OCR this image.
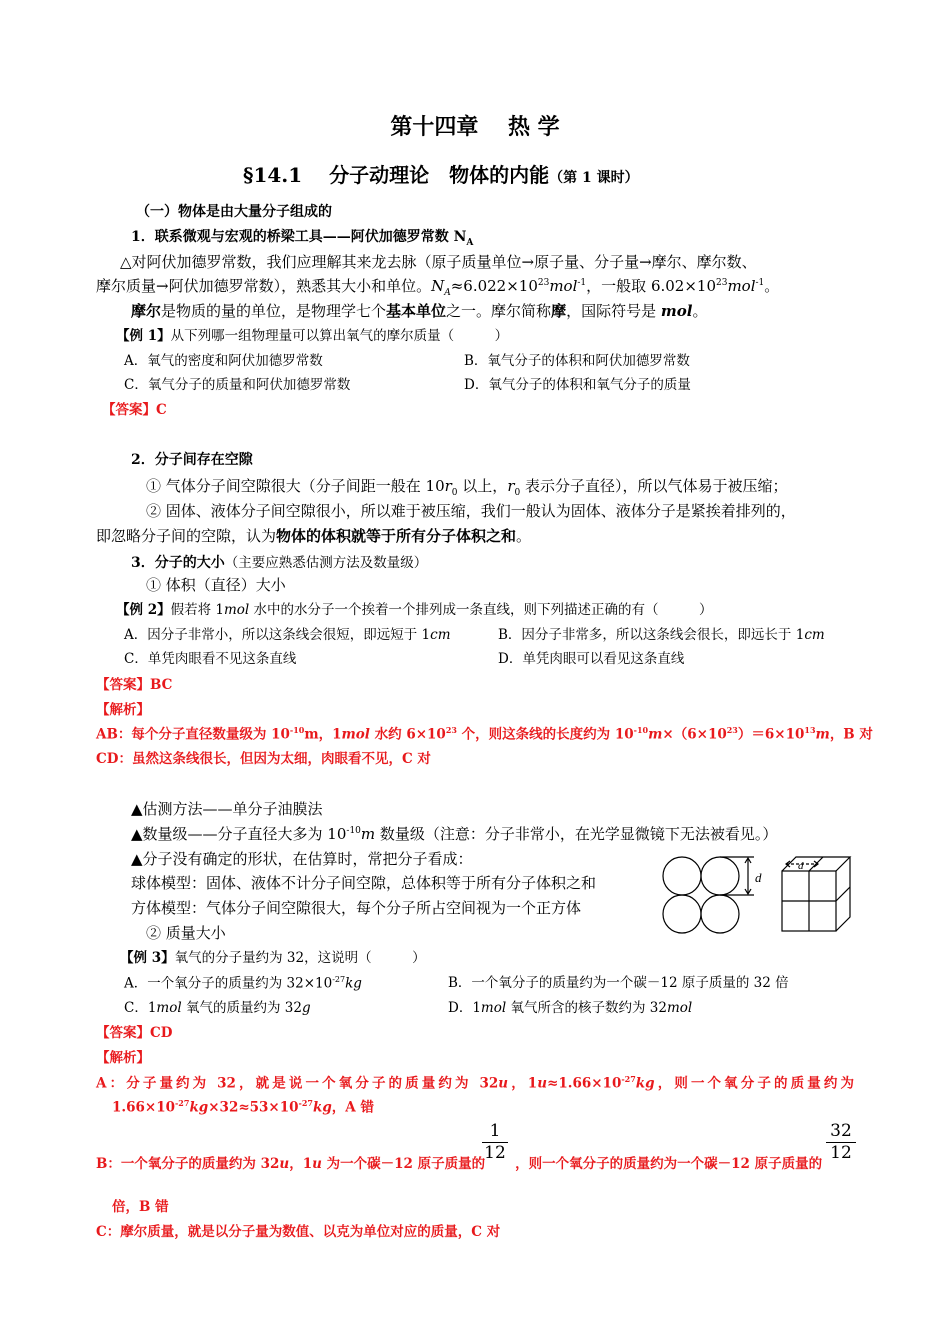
第十四章　 热 学
§14.1　 分子动理论　物体的内能（第 1 课时）
（一）物体是由大量分子组成的
1．联系微观与宏观的桥梁工具——阿伏加德罗常数 $N_A$
△对阿伏加德罗常数，我们应理解其来龙去脉（原子质量单位→原子量、分子量→摩尔、摩尔数、
摩尔质量→阿伏加德罗常数），熟悉其大小和单位。$N_A\approx 6.022\times 10^{23}mol^{-1}$，一般取 $6.02\times 10^{23}mol^{-1}$。
摩尔是物质的量的单位，是物理学七个基本单位之一。摩尔简称摩，国际符号是 mol。
【例 1】从下列哪一组物理量可以算出氧气的摩尔质量（　　　）
A．氧气的密度和阿伏加德罗常数	B．氧气分子的体积和阿伏加德罗常数
C．氧气分子的质量和阿伏加德罗常数	D．氧气分子的体积和氧气分子的质量
【答案】C
2．分子间存在空隙
① 气体分子间空隙很大（分子间距一般在 $10r_0$ 以上，$r_0$ 表示分子直径），所以气体易于被压缩；
② 固体、液体分子间空隙很小，所以难于被压缩，我们一般认为固体、液体分子是紧挨着排列的，
即忽略分子间的空隙，认为物体的体积就等于所有分子体积之和。
3．分子的大小（主要应熟悉估测方法及数量级）
① 体积（直径）大小
【例 2】假若将 1mol 水中的水分子一个挨着一个排列成一条直线，则下列描述正确的有（　　　）
A．因分子非常小，所以这条线会很短，即远短于 1cm	B．因分子非常多，所以这条线会很长，即远长于 1cm
C．单凭肉眼看不见这条直线	D．单凭肉眼可以看见这条直线
【答案】BC
【解析】
AB：每个分子直径数量级为 $10^{-10}m$，1mol 水约 $6\times 10^{23}$ 个，则这条线的长度约为 $10^{-10}m\times(6\times 10^{23})=6\times 10^{13}m$，B 对
CD：虽然这条线很长，但因为太细，肉眼看不见，C 对
▲估测方法——单分子油膜法
▲数量级——分子直径大多为 $10^{-10}m$ 数量级（注意：分子非常小，在光学显微镜下无法被看见。）
▲分子没有确定的形状，在估算时，常把分子看成：
球体模型：固体、液体不计分子间空隙，总体积等于所有分子体积之和
方体模型：气体分子间空隙很大，每个分子所占空间视为一个正方体
② 质量大小
d
d
【例 3】氧气的分子量约为 32，这说明（　　　）
A．一个氧分子的质量约为 $32\times 10^{-27}kg$	B．一个氧分子的质量约为一个碳－12 原子质量的 32 倍
C．1mol 氧气的质量约为 32g	D．1mol 氧气所含的核子数约为 32mol
【答案】CD
【解析】
A：分子量约为 32，就是说一个氧分子的质量约为 32u，$1u\approx 1.66\times 10^{-27}kg$，则一个氧分子的质量约为
$1.66\times 10^{-27}kg\times 32\approx 53\times 10^{-27}kg$，A 错
B：一个氧分子的质量约为 32u，1u 为一个碳－12 原子质量的 ，则一个氧分子的质量约为一个碳－12 原子质量的
1
12
32
12
倍，B 错
C：摩尔质量，就是以分子量为数值、以克为单位对应的质量，C 对
